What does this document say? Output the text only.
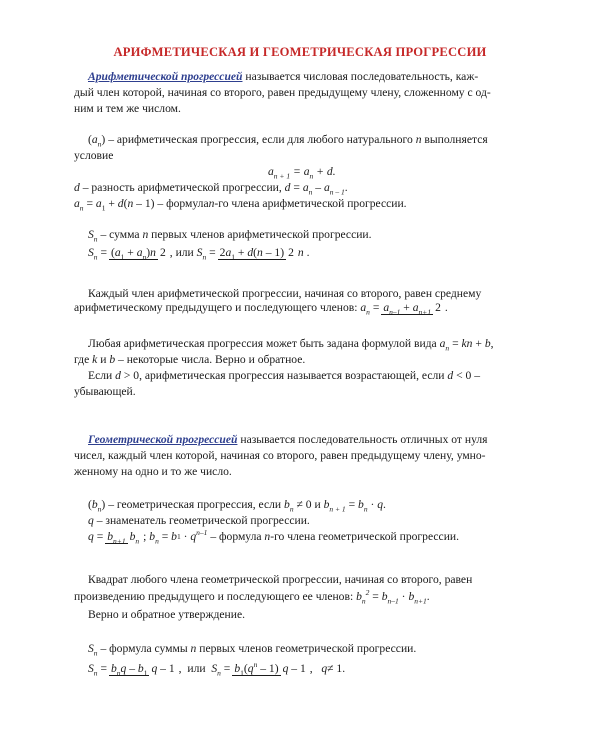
АРИФМЕТИЧЕСКАЯ И ГЕОМЕТРИЧЕСКАЯ ПРОГРЕССИИ
Арифметической прогрессией называется числовая последовательность, каж-
дый член которой, начиная со второго, равен предыдущему члену, сложенному с од-
ним и тем же числом.
$(a_n)$ – арифметическая прогрессия, если для любого натурального n выполняется
условие
$a_{n + 1} = a_n + d$.
d – разность арифметической прогрессии, $d = a_n - a_{n - 1}$.
$a_n = a_1 + d(n - 1)$ – формулаn-го члена арифметической прогрессии.
$S_n$ – сумма n первых членов арифметической прогрессии.
$S_n = (a_1 + a_n)n$ 2 , или
$S_n = 2a_1 + d(n - 1)$ 2 n .
Каждый член арифметической прогрессии, начиная со второго, равен среднему
арифметическому предыдущего и последующего членов:
$a_n = a_{n-1} + a_{n+1}$ 2 .
Любая арифметическая прогрессия может быть задана формулой вида $a_n$ = kn + b,
где k и b – некоторые числа. Верно и обратное.
Если d > 0, арифметическая прогрессия называется возрастающей, если d < 0 –
убывающей.
Геометрической прогрессией называется последовательность отличных от нуля
чисел, каждый член которой, начиная со второго, равен предыдущему члену, умно-
женному на одно и то же число.
$(b_n)$ – геометрическая прогрессия, если $b_n \ne 0$ и $b_{n + 1} = b_n \cdot q$.
q – знаменатель геометрической прогрессии.
$q = b_{n+1}$ $b_n$ ; $b_n = b$ $1 \cdot q^{n-1}$
– формула
n -го члена геометрической прогрессии.
Квадрат любого члена геометрической прогрессии, начиная со второго, равен
произведению предыдущего и последующего ее членов: $b_n^2 = b_{n-1} \cdot b_{n+1}$.
Верно и обратное утверждение.
$S_n$ – формула суммы n первых членов геометрической прогрессии.
$S_n = b_nq - b_1$ q – 1 , или
$S_n = b_1(q^n - 1)$ q – 1 , q ≠ 1.
